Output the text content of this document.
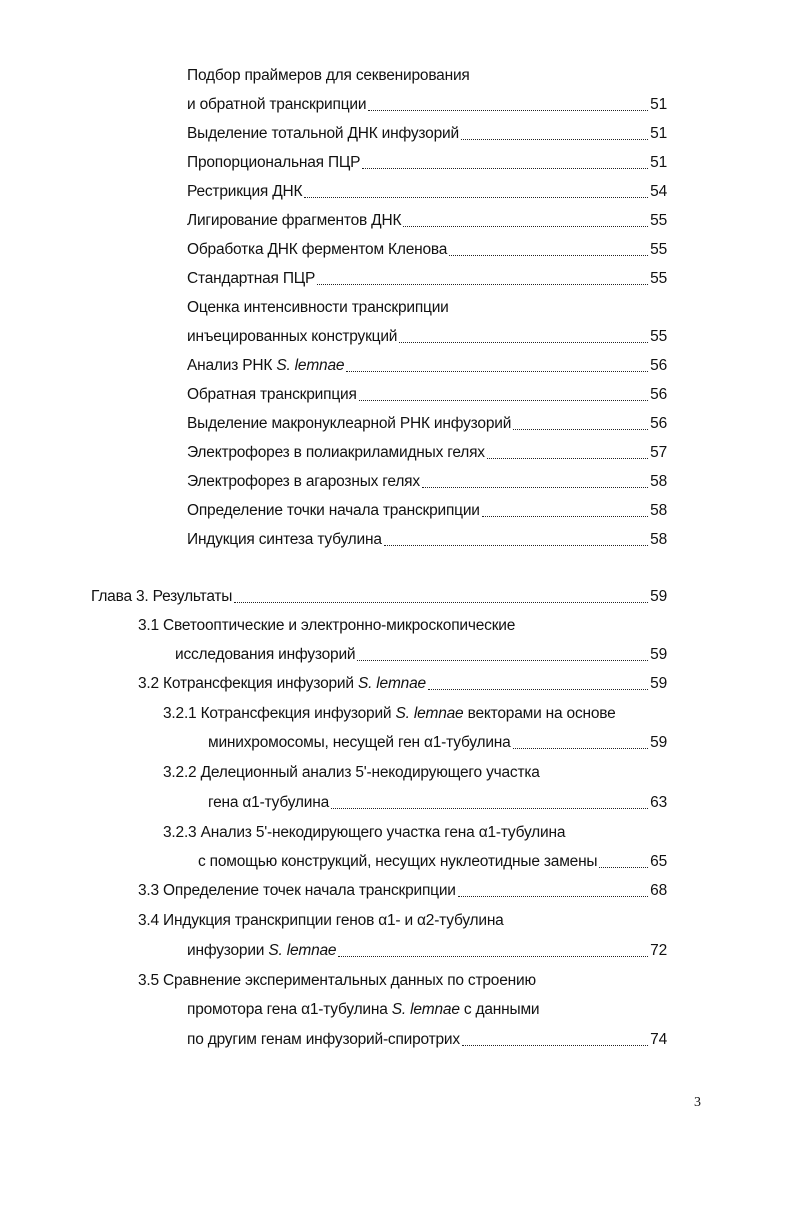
Подбор праймеров для секвенирования
и обратной транскрипции	51
Выделение тотальной ДНК инфузорий	51
Пропорциональная ПЦР	51
Рестрикция ДНК	54
Лигирование фрагментов ДНК	55
Обработка ДНК ферментом Кленова	55
Стандартная ПЦР	55
Оценка интенсивности транскрипции
инъецированных конструкций	55
Анализ РНК S. lemnae	56
Обратная транскрипция	56
Выделение макронуклеарной РНК инфузорий	56
Электрофорез в полиакриламидных гелях	57
Электрофорез в агарозных гелях	58
Определение точки начала транскрипции	58
Индукция синтеза тубулина	58
Глава 3. Результаты	59
3.1 Светооптические и электронно-микроскопические
исследования инфузорий	59
3.2 Котрансфекция инфузорий S. lemnae	59
3.2.1 Котрансфекция инфузорий S. lemnae векторами на основе
минихромосомы, несущей ген α1-тубулина	59
3.2.2 Делеционный анализ 5'-некодирующего участка
гена α1-тубулина	63
3.2.3 Анализ 5'-некодирующего участка гена α1-тубулина
с помощью конструкций, несущих нуклеотидные замены	65
3.3 Определение точек начала транскрипции	68
3.4 Индукция транскрипции генов α1- и α2-тубулина
инфузории S. lemnae	72
3.5 Сравнение экспериментальных данных по строению
промотора гена α1-тубулина S. lemnae с данными
по другим генам инфузорий-спиротрих	74
3
